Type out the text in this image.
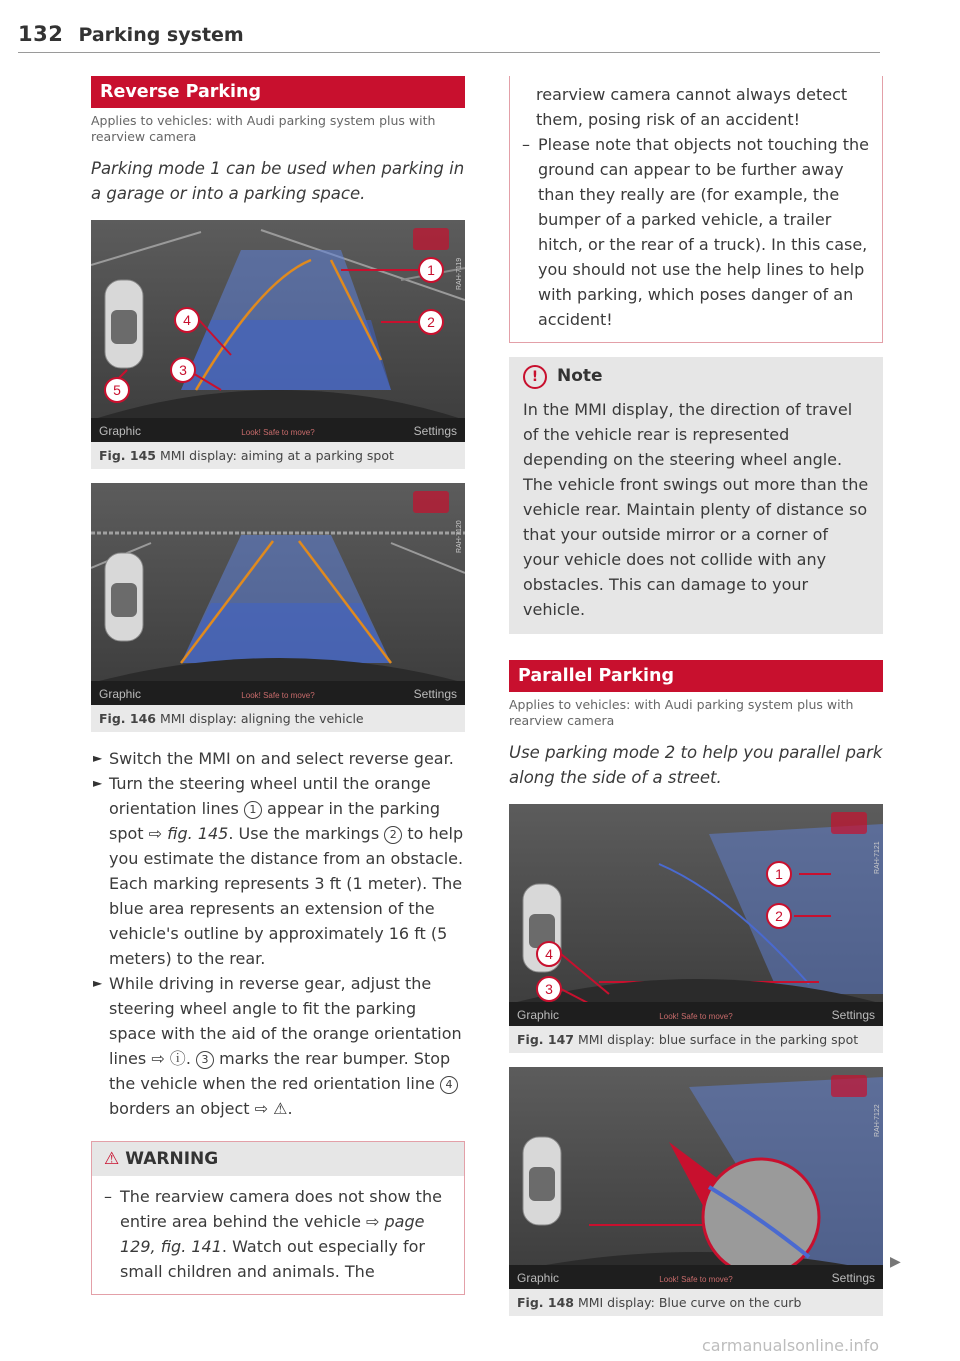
132 Parking system
Reverse Parking
Applies to vehicles: with Audi parking system plus with rearview camera
Parking mode 1 can be used when parking in a garage or into a parking space.
1
2
3
4
5
Graphic	Look! Safe to move?	Settings
RAH-7119
Fig. 145 MMI display: aiming at a parking spot
Graphic	Look! Safe to move?	Settings
RAH-7120
Fig. 146 MMI display: aligning the vehicle
► Switch the MMI on and select reverse gear.
► Turn the steering wheel until the orange orientation lines 1 appear in the parking spot ⇨ fig. 145. Use the markings 2 to help you estimate the distance from an obstacle. Each marking represents 3 ft (1 meter). The blue area represents an extension of the vehicle's outline by approximately 16 ft (5 meters) to the rear.
► While driving in reverse gear, adjust the steering wheel angle to fit the parking space with the aid of the orange orientation lines ⇨ ⓘ. 3 marks the rear bumper. Stop the vehicle when the red orientation line 4 borders an object ⇨ ⚠.
⚠ WARNING
– The rearview camera does not show the entire area behind the vehicle ⇨ page 129, fig. 141. Watch out especially for small children and animals. The
rearview camera cannot always detect them, posing risk of an accident!
– Please note that objects not touching the ground can appear to be further away than they really are (for example, the bumper of a parked vehicle, a trailer hitch, or the rear of a truck). In this case, you should not use the help lines to help with parking, which poses danger of an accident!
! Note
In the MMI display, the direction of travel of the vehicle rear is represented depending on the steering wheel angle. The vehicle front swings out more than the vehicle rear. Maintain plenty of distance so that your outside mirror or a corner of your vehicle does not collide with any obstacles. This can damage to your vehicle.
Parallel Parking
Applies to vehicles: with Audi parking system plus with rearview camera
Use parking mode 2 to help you parallel park along the side of a street.
1
2
3
4
Graphic	Look! Safe to move?	Settings
RAH-7121
Fig. 147 MMI display: blue surface in the parking spot
Graphic	Look! Safe to move?	Settings
RAH-7122
Fig. 148 MMI display: Blue curve on the curb
▶
carmanualsonline.info
